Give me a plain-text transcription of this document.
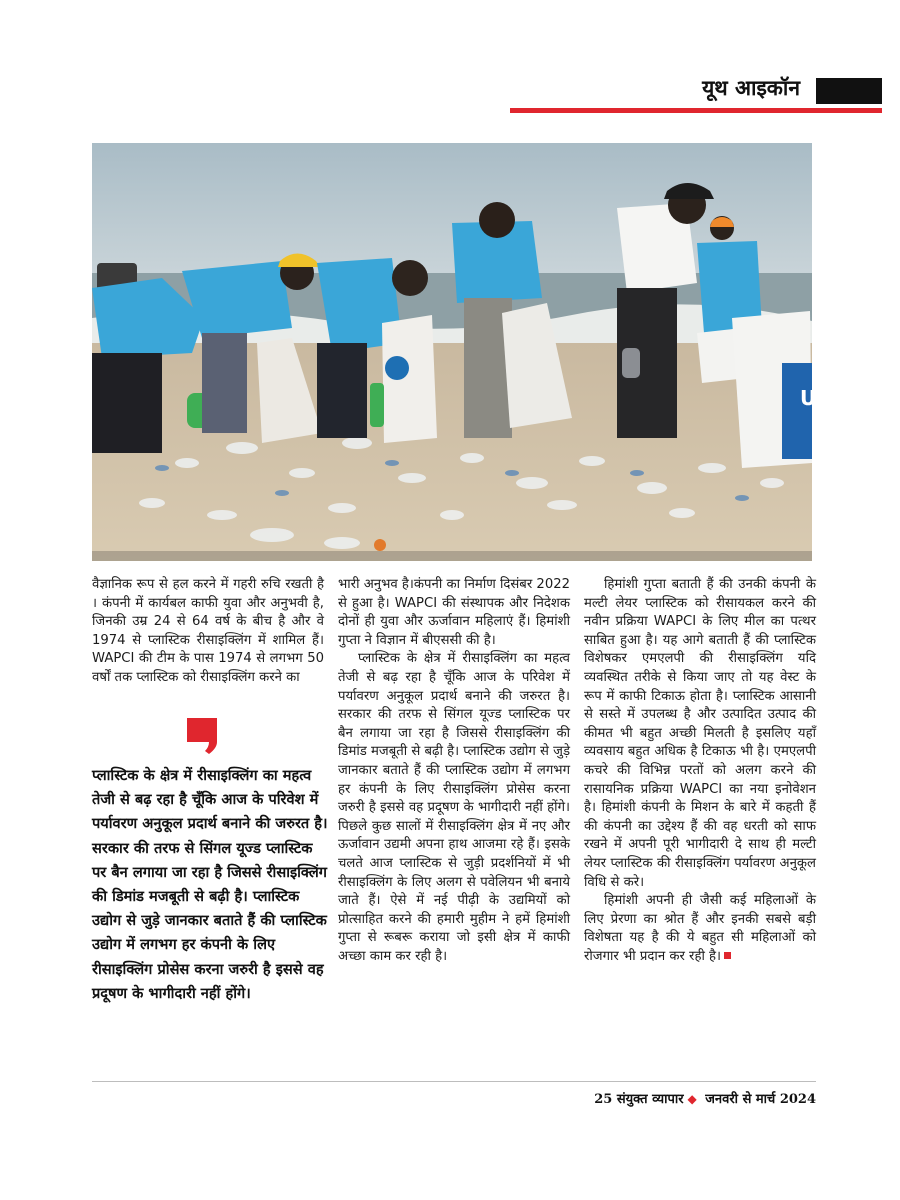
यूथ आइकॉन
UNDP

वैज्ञानिक रूप से हल करने में गहरी रुचि रखती है । कंपनी में कार्यबल काफी युवा और अनुभवी है, जिनकी उम्र 24 से 64 वर्ष के बीच है और वे 1974 से प्लास्टिक रीसाइक्लिंग में शामिल हैं। WAPCI की टीम के पास 1974 से लगभग 50 वर्षों तक प्लास्टिक को रीसाइक्लिंग करने का

प्लास्टिक के क्षेत्र में रीसाइक्लिंग का महत्व तेजी से बढ़ रहा है चूँकि आज के परिवेश में पर्यावरण अनुकूल प्रदार्थ बनाने की जरुरत है। सरकार की तरफ से सिंगल यूज्ड प्लास्टिक पर बैन लगाया जा रहा है जिससे रीसाइक्लिंग की डिमांड मजबूती से बढ़ी है। प्लास्टिक उद्योग से जुड़े जानकार बताते हैं की प्लास्टिक उद्योग में लगभग हर कंपनी के लिए रीसाइक्लिंग प्रोसेस करना जरुरी है इससे वह प्रदूषण के भागीदारी नहीं होंगे।

भारी अनुभव है।कंपनी का निर्माण दिसंबर 2022 से हुआ है। WAPCI की संस्थापक और निदेशक दोनों ही युवा और ऊर्जावान महिलाएं हैं। हिमांशी गुप्ता ने विज्ञान में बीएससी की है।

प्लास्टिक के क्षेत्र में रीसाइक्लिंग का महत्व तेजी से बढ़ रहा है चूँकि आज के परिवेश में पर्यावरण अनुकूल प्रदार्थ बनाने की जरुरत है। सरकार की तरफ से सिंगल यूज्ड प्लास्टिक पर बैन लगाया जा रहा है जिससे रीसाइक्लिंग की डिमांड मजबूती से बढ़ी है। प्लास्टिक उद्योग से जुड़े जानकार बताते हैं की प्लास्टिक उद्योग में लगभग हर कंपनी के लिए रीसाइक्लिंग प्रोसेस करना जरुरी है इससे वह प्रदूषण के भागीदारी नहीं होंगे। पिछले कुछ सालों में रीसाइक्लिंग क्षेत्र में नए और ऊर्जावान उद्यमी अपना हाथ आजमा रहे हैं। इसके चलते आज प्लास्टिक से जुड़ी प्रदर्शनियों में भी रीसाइक्लिंग के लिए अलग से पवेलियन भी बनाये जाते हैं। ऐसे में नई पीढ़ी के उद्यमियों को प्रोत्साहित करने की हमारी मुहीम ने हमें हिमांशी गुप्ता से रूबरू कराया जो इसी क्षेत्र में काफी अच्छा काम कर रही है।

हिमांशी गुप्ता बताती हैं की उनकी कंपनी के मल्टी लेयर प्लास्टिक को रीसायकल करने की नवीन प्रक्रिया WAPCI के लिए मील का पत्थर साबित हुआ है। यह आगे बताती हैं की प्लास्टिक विशेषकर एमएलपी की रीसाइक्लिंग यदि व्यवस्थित तरीके से किया जाए तो यह वेस्ट के रूप में काफी टिकाऊ होता है। प्लास्टिक आसानी से सस्ते में उपलब्ध है और उत्पादित उत्पाद की कीमत भी बहुत अच्छी मिलती है इसलिए यहाँ व्यवसाय बहुत अधिक है टिकाऊ भी है। एमएलपी कचरे की विभिन्न परतों को अलग करने की रासायनिक प्रक्रिया WAPCI का नया इनोवेशन है। हिमांशी कंपनी के मिशन के बारे में कहती हैं की कंपनी का उद्देश्य हैं की वह धरती को साफ रखने में अपनी पूरी भागीदारी दे साथ ही मल्टी लेयर प्लास्टिक की रीसाइक्लिंग पर्यावरण अनुकूल विधि से करे।

हिमांशी अपनी ही जैसी कई महिलाओं के लिए प्रेरणा का श्रोत हैं और इनकी सबसे बड़ी विशेषता यह है की ये बहुत सी महिलाओं को रोजगार भी प्रदान कर रही है।

25 संयुक्त व्यापार ◆ जनवरी से मार्च 2024
